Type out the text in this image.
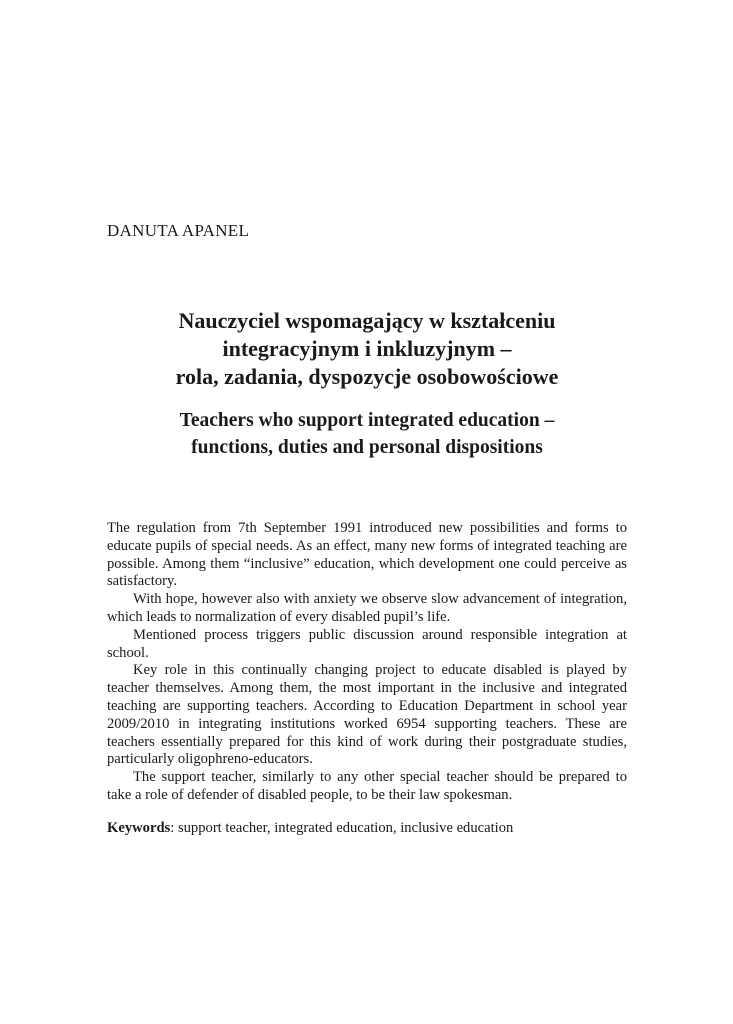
DANUTA APANEL
Nauczyciel wspomagający w kształceniu
integracyjnym i inkluzyjnym –
rola, zadania, dyspozycje osobowościowe
Teachers who support integrated education –
functions, duties and personal dispositions

The regulation from 7th September 1991 introduced new possibilities and forms to educate pupils of special needs. As an effect, many new forms of integrated teaching are possible. Among them “inclusive” education, which development one could perceive as satisfactory.

With hope, however also with anxiety we observe slow advancement of integration, which leads to normalization of every disabled pupil’s life.

Mentioned process triggers public discussion around responsible integration at school.

Key role in this continually changing project to educate disabled is played by teacher themselves. Among them, the most important in the inclusive and integrated teaching are supporting teachers. According to Education Department in school year 2009/2010 in integrating institutions worked 6954 supporting teachers. These are teachers essentially prepared for this kind of work during their postgraduate studies, particularly oligophreno-educators.

The support teacher, similarly to any other special teacher should be prepared to take a role of defender of disabled people, to be their law spokesman.

Keywords: support teacher, integrated education, inclusive education
